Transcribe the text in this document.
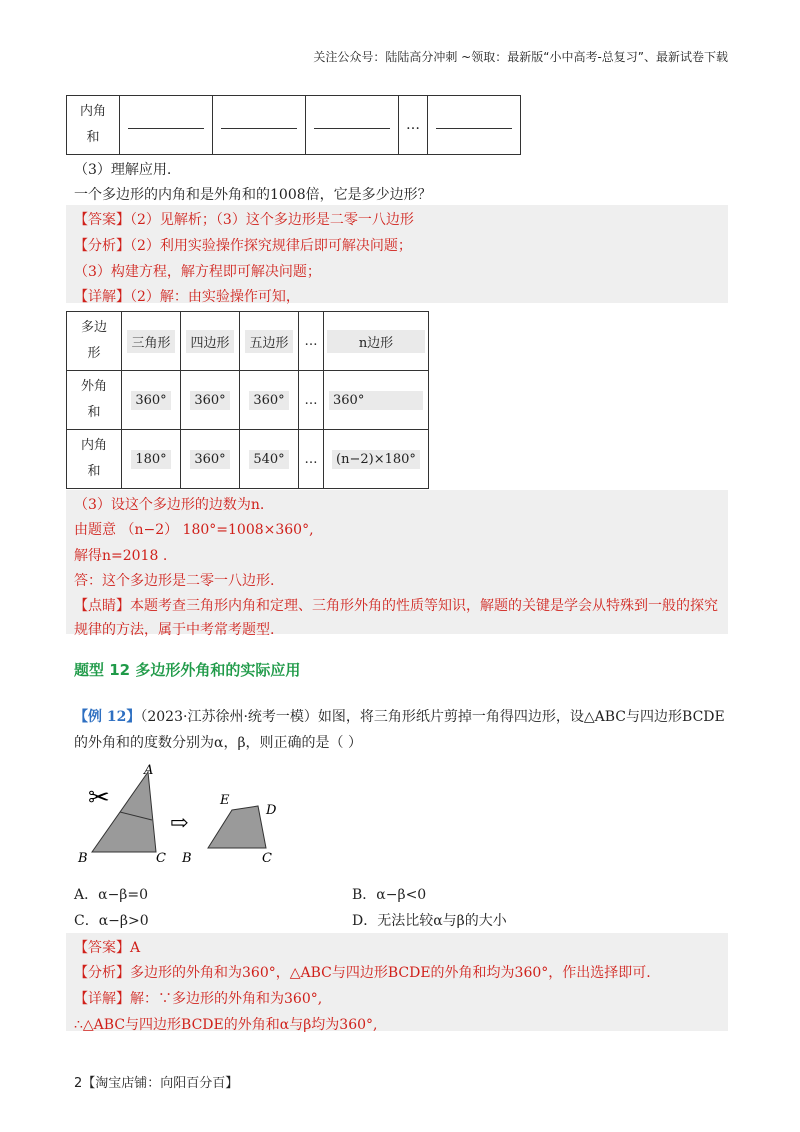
关注公众号：陆陆高分冲刺 ~领取：最新版“小中高考-总复习”、最新试卷下载
内角和				…	
（3）理解应用.
一个多边形的内角和是外角和的1008倍，它是多少边形？
【答案】（2）见解析；（3）这个多边形是二零一八边形
【分析】（2）利用实验操作探究规律后即可解决问题；
（3）构建方程，解方程即可解决问题；
【详解】（2）解：由实验操作可知，
多边形	三角形	四边形	五边形	…	n边形
外角和	360°	360°	360°	…	360°
内角和	180°	360°	540°	…	(n−2)×180°
（3）设这个多边形的边数为n.
由题意 （n−2） 180°=1008×360°,
解得n=2018 .
答：这个多边形是二零一八边形.
【点睛】本题考查三角形内角和定理、三角形外角的性质等知识，解题的关键是学会从特殊到一般的探究
规律的方法，属于中考常考题型.
题型 12 多边形外角和的实际应用
【例 12】（2023·江苏徐州·统考一模）如图，将三角形纸片剪掉一角得四边形，设△ABC与四边形BCDE
的外角和的度数分别为α，β，则正确的是（ ）
A
B	C
✂
⇨
E
D
B	C
A．α−β=0	B．α−β<0
C．α−β>0	D．无法比较α与β的大小
【答案】A
【分析】多边形的外角和为360°，△ABC与四边形BCDE的外角和均为360°，作出选择即可.
【详解】解：∵多边形的外角和为360°,
∴△ABC与四边形BCDE的外角和α与β均为360°,
2【淘宝店铺：向阳百分百】
